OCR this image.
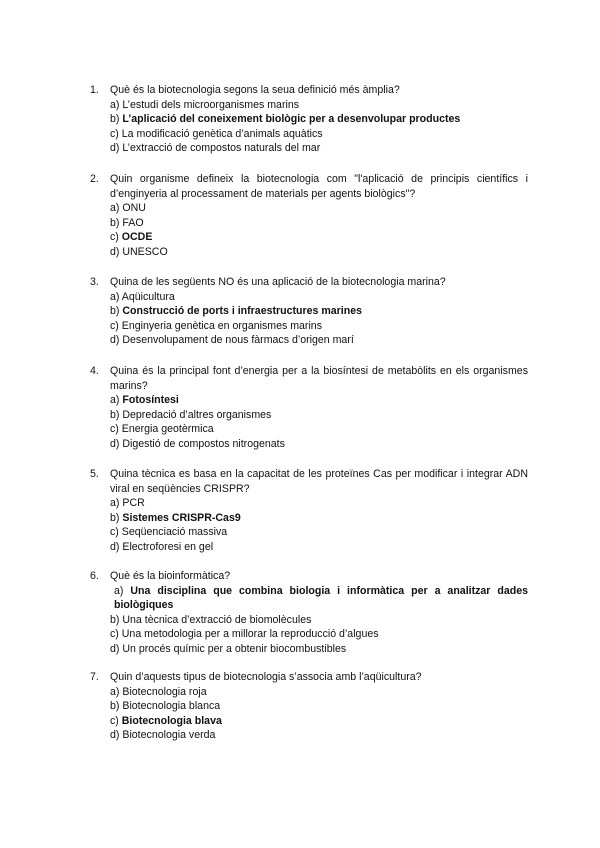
1. Què és la biotecnologia segons la seua definició més àmplia?
a) L’estudi dels microorganismes marins
b) L’aplicació del coneixement biològic per a desenvolupar productes
c) La modificació genètica d’animals aquàtics
d) L’extracció de compostos naturals del mar
2. Quin organisme defineix la biotecnologia com "l'aplicació de principis científics i d’enginyeria al processament de materials per agents biològics"?
a) ONU
b) FAO
c) OCDE
d) UNESCO
3. Quina de les següents NO és una aplicació de la biotecnologia marina?
a) Aqüicultura
b) Construcció de ports i infraestructures marines
c) Enginyeria genètica en organismes marins
d) Desenvolupament de nous fàrmacs d’origen marí
4. Quina és la principal font d’energia per a la biosíntesi de metabòlits en els organismes marins?
a) Fotosíntesi
b) Depredació d’altres organismes
c) Energia geotèrmica
d) Digestió de compostos nitrogenats
5. Quina tècnica es basa en la capacitat de les proteïnes Cas per modificar i integrar ADN viral en seqüències CRISPR?
a) PCR
b) Sistemes CRISPR-Cas9
c) Seqüenciació massiva
d) Electroforesi en gel
6. Què és la bioinformàtica?
a) Una disciplina que combina biologia i informàtica per a analitzar dades biològiques
b) Una tècnica d’extracció de biomolècules
c) Una metodologia per a millorar la reproducció d’algues
d) Un procés químic per a obtenir biocombustibles
7. Quin d’aquests tipus de biotecnologia s’associa amb l’aqüicultura?
a) Biotecnologia roja
b) Biotecnologia blanca
c) Biotecnologia blava
d) Biotecnologia verda
